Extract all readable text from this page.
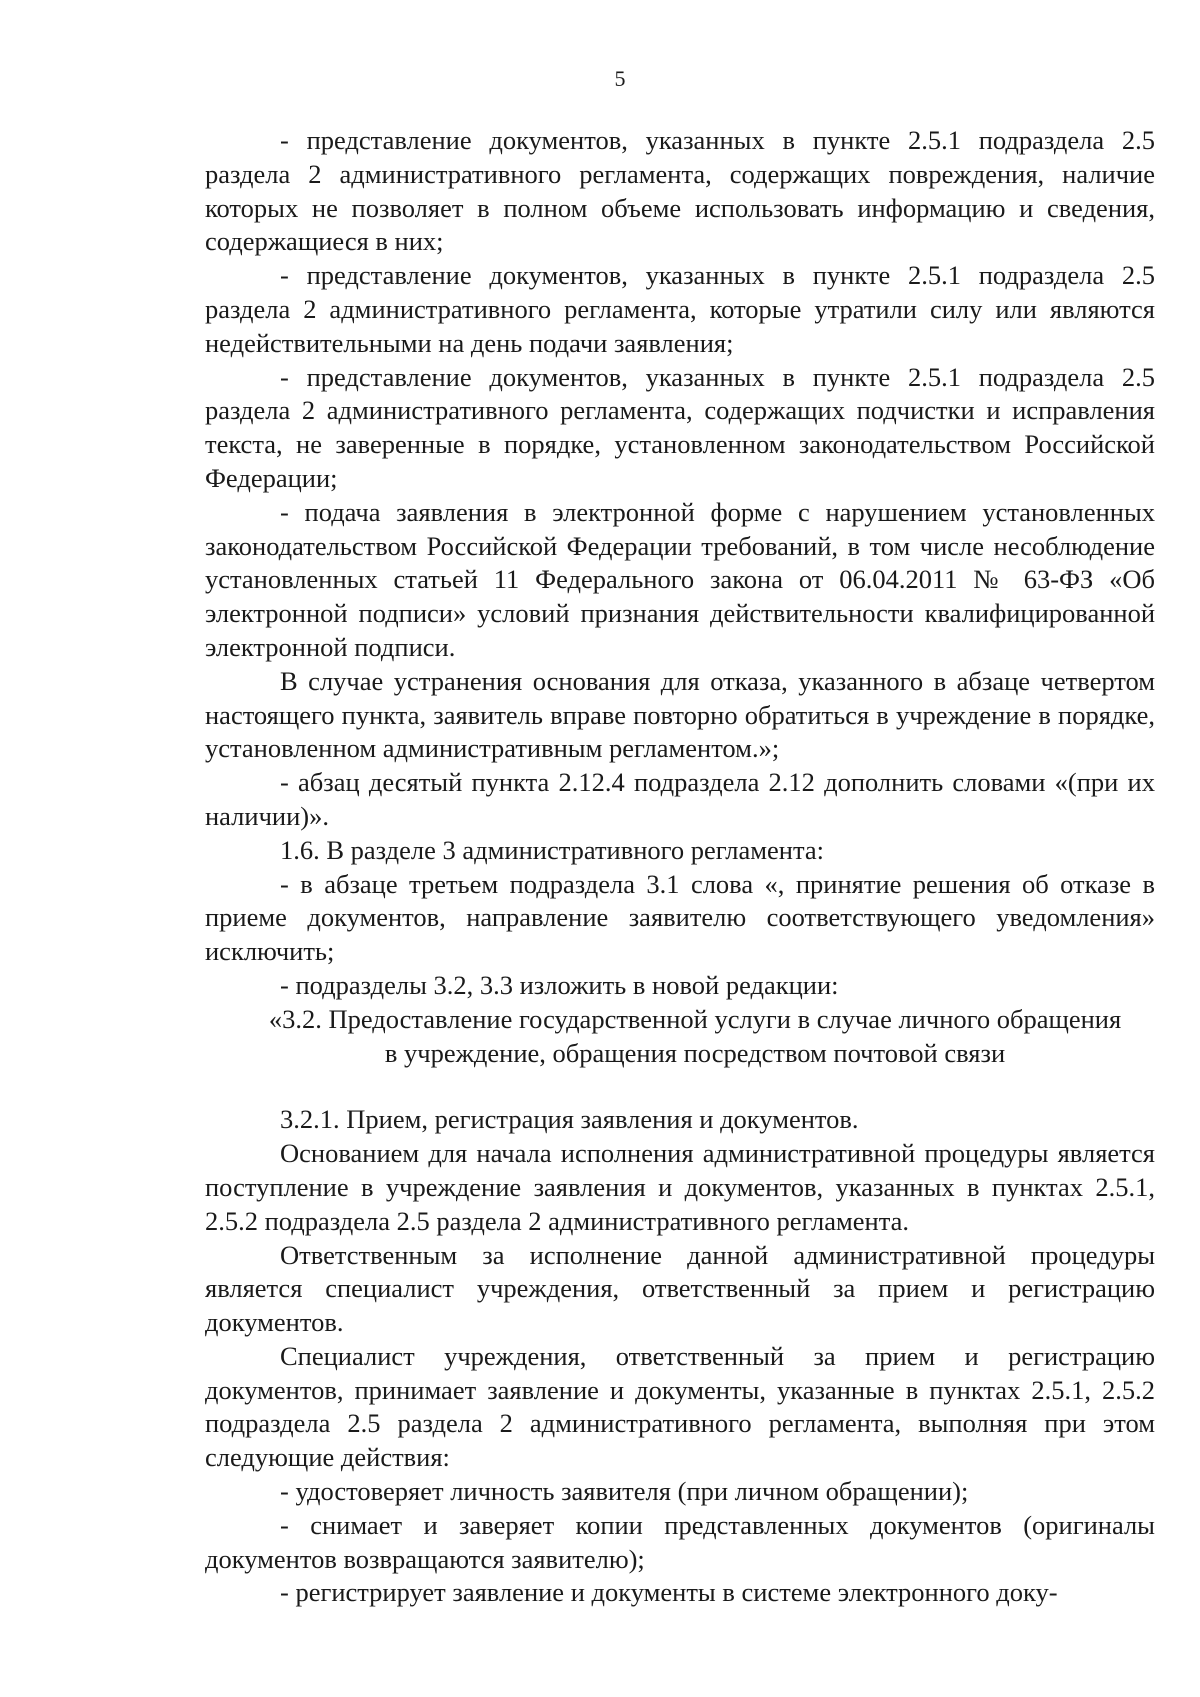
5

- представление документов, указанных в пункте 2.5.1 подраздела 2.5 раздела 2 административного регламента, содержащих повреждения, наличие которых не позволяет в полном объеме использовать информацию и сведения, содержащиеся в них;

- представление документов, указанных в пункте 2.5.1 подраздела 2.5 раздела 2 административного регламента, которые утратили силу или являются недействительными на день подачи заявления;

- представление документов, указанных в пункте 2.5.1 подраздела 2.5 раздела 2 административного регламента, содержащих подчистки и исправления текста, не заверенные в порядке, установленном законодательством Российской Федерации;

- подача заявления в электронной форме с нарушением установленных законодательством Российской Федерации требований, в том числе несоблюдение установленных статьей 11 Федерального закона от 06.04.2011 № 63-ФЗ «Об электронной подписи» условий признания действительности квалифицированной электронной подписи.

В случае устранения основания для отказа, указанного в абзаце четвертом настоящего пункта, заявитель вправе повторно обратиться в учреждение в порядке, установленном административным регламентом.»;

- абзац десятый пункта 2.12.4 подраздела 2.12 дополнить словами «(при их наличии)».

1.6. В разделе 3 административного регламента:

- в абзаце третьем подраздела 3.1 слова «, принятие решения об отказе в приеме документов, направление заявителю соответствующего уведомления» исключить;

- подразделы 3.2, 3.3 изложить в новой редакции:

«3.2. Предоставление государственной услуги в случае личного обращения в учреждение, обращения посредством почтовой связи

3.2.1. Прием, регистрация заявления и документов.

Основанием для начала исполнения административной процедуры является поступление в учреждение заявления и документов, указанных в пунктах 2.5.1, 2.5.2 подраздела 2.5 раздела 2 административного регламента.

Ответственным за исполнение данной административной процедуры является специалист учреждения, ответственный за прием и регистрацию документов.

Специалист учреждения, ответственный за прием и регистрацию документов, принимает заявление и документы, указанные в пунктах 2.5.1, 2.5.2 подраздела 2.5 раздела 2 административного регламента, выполняя при этом следующие действия:

- удостоверяет личность заявителя (при личном обращении);

- снимает и заверяет копии представленных документов (оригиналы документов возвращаются заявителю);

- регистрирует заявление и документы в системе электронного доку-
